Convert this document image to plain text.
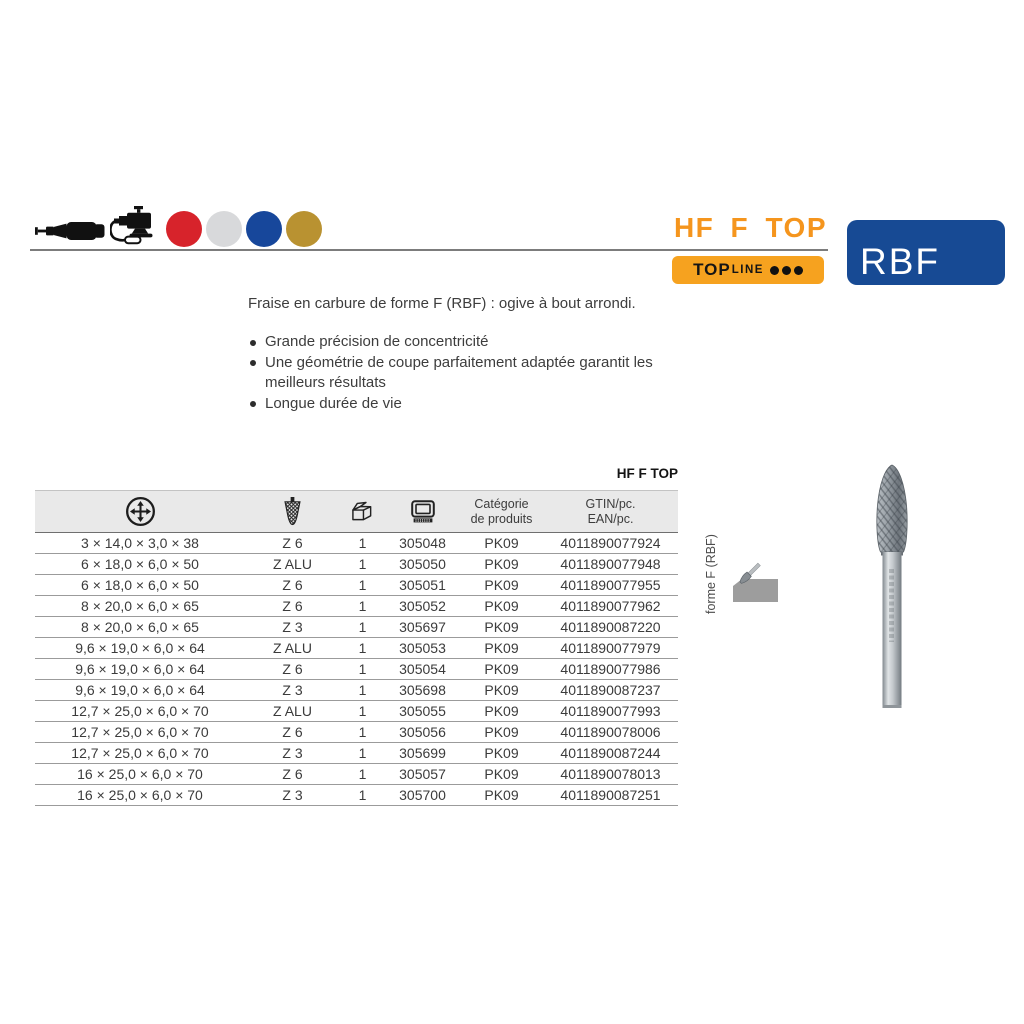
HF F TOP
TOP LINE	RBF
Fraise en carbure de forme F (RBF) : ogive à bout arrondi.
Grande précision de concentricité
Une géométrie de coupe parfaitement adaptée garantit les meilleurs résultats
Longue durée de vie
HF F TOP

Catégorie
de produits

GTIN/pc.
EAN/pc.

3 × 14,0 × 3,0 × 38	Z 6	1	305048	PK09	4011890077924
6 × 18,0 × 6,0 × 50	Z ALU	1	305050	PK09	4011890077948
6 × 18,0 × 6,0 × 50	Z 6	1	305051	PK09	4011890077955
8 × 20,0 × 6,0 × 65	Z 6	1	305052	PK09	4011890077962
8 × 20,0 × 6,0 × 65	Z 3	1	305697	PK09	4011890087220
9,6 × 19,0 × 6,0 × 64	Z ALU	1	305053	PK09	4011890077979
9,6 × 19,0 × 6,0 × 64	Z 6	1	305054	PK09	4011890077986
9,6 × 19,0 × 6,0 × 64	Z 3	1	305698	PK09	4011890087237
12,7 × 25,0 × 6,0 × 70	Z ALU	1	305055	PK09	4011890077993
12,7 × 25,0 × 6,0 × 70	Z 6	1	305056	PK09	4011890078006
12,7 × 25,0 × 6,0 × 70	Z 3	1	305699	PK09	4011890087244
16 × 25,0 × 6,0 × 70	Z 6	1	305057	PK09	4011890078013
16 × 25,0 × 6,0 × 70	Z 3	1	305700	PK09	4011890087251
forme F (RBF)
